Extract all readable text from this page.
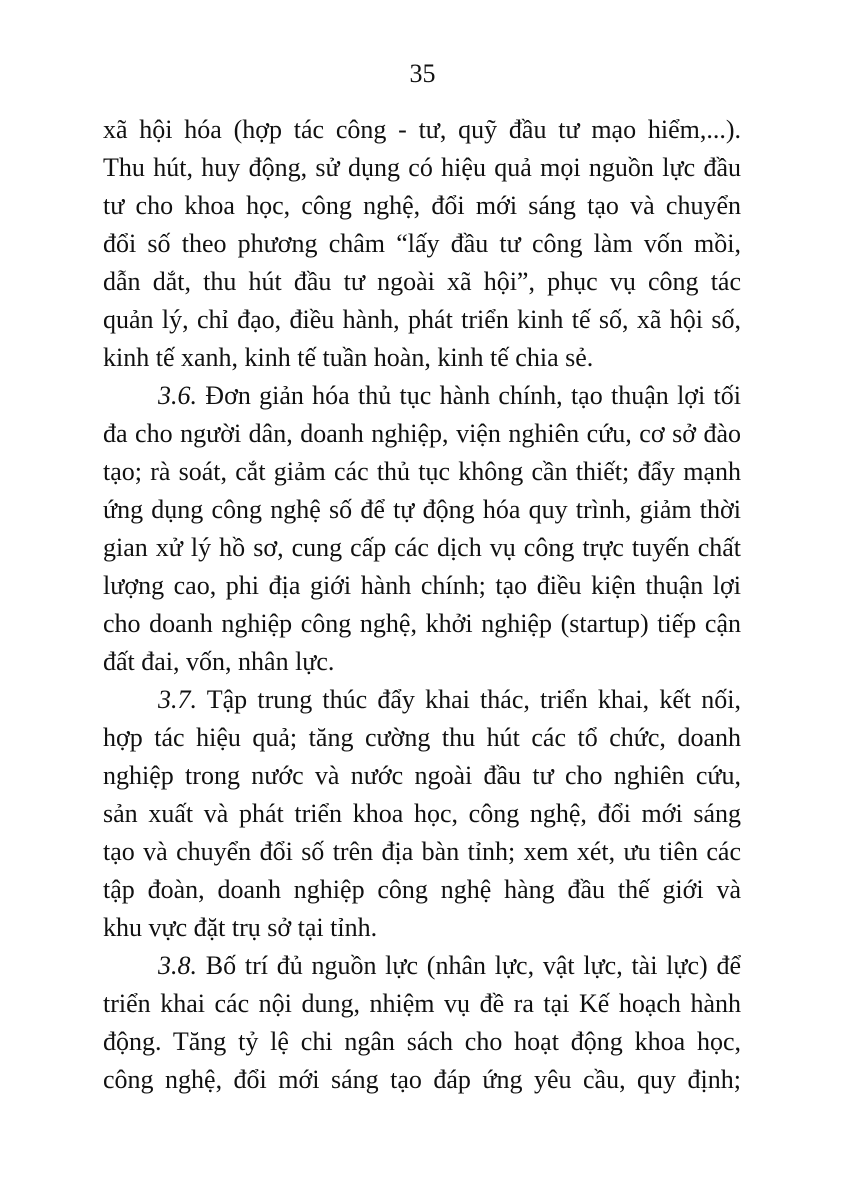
35
xã hội hóa (hợp tác công - tư, quỹ đầu tư mạo hiểm,...).
Thu hút, huy động, sử dụng có hiệu quả mọi nguồn lực đầu
tư cho khoa học, công nghệ, đổi mới sáng tạo và chuyển
đổi số theo phương châm “lấy đầu tư công làm vốn mồi,
dẫn dắt, thu hút đầu tư ngoài xã hội”, phục vụ công tác
quản lý, chỉ đạo, điều hành, phát triển kinh tế số, xã hội số,
kinh tế xanh, kinh tế tuần hoàn, kinh tế chia sẻ.
3.6. Đơn giản hóa thủ tục hành chính, tạo thuận lợi tối
đa cho người dân, doanh nghiệp, viện nghiên cứu, cơ sở đào
tạo; rà soát, cắt giảm các thủ tục không cần thiết; đẩy mạnh
ứng dụng công nghệ số để tự động hóa quy trình, giảm thời
gian xử lý hồ sơ, cung cấp các dịch vụ công trực tuyến chất
lượng cao, phi địa giới hành chính; tạo điều kiện thuận lợi
cho doanh nghiệp công nghệ, khởi nghiệp (startup) tiếp cận
đất đai, vốn, nhân lực.
3.7. Tập trung thúc đẩy khai thác, triển khai, kết nối,
hợp tác hiệu quả; tăng cường thu hút các tổ chức, doanh
nghiệp trong nước và nước ngoài đầu tư cho nghiên cứu,
sản xuất và phát triển khoa học, công nghệ, đổi mới sáng
tạo và chuyển đổi số trên địa bàn tỉnh; xem xét, ưu tiên các
tập đoàn, doanh nghiệp công nghệ hàng đầu thế giới và
khu vực đặt trụ sở tại tỉnh.
3.8. Bố trí đủ nguồn lực (nhân lực, vật lực, tài lực) để
triển khai các nội dung, nhiệm vụ đề ra tại Kế hoạch hành
động. Tăng tỷ lệ chi ngân sách cho hoạt động khoa học,
công nghệ, đổi mới sáng tạo đáp ứng yêu cầu, quy định;
